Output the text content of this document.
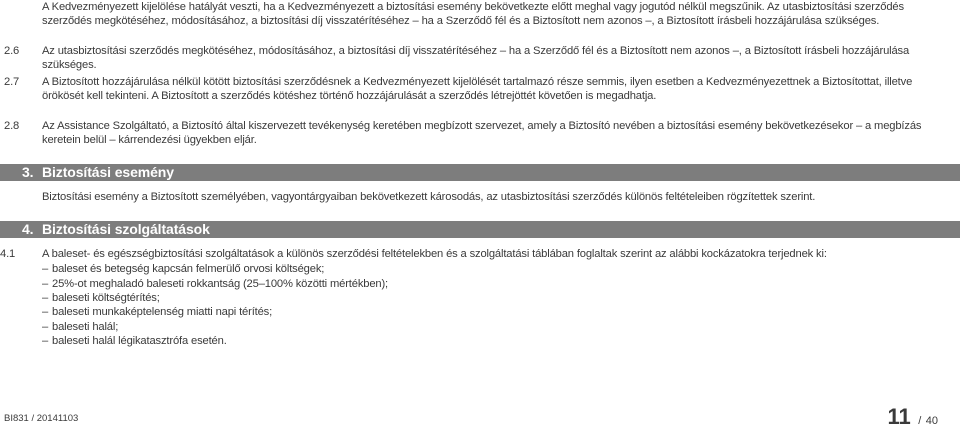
A Kedvezményezett kijelölése hatályát veszti, ha a Kedvezményezett a biztosítási esemény bekövetkezte előtt meghal vagy jogutód nélkül megszűnik. Az utasbiztosítási szerződés szerződés megkötéséhez, módosításához, a biztosítási díj visszatérítéséhez – ha a Szerződő fél és a Biztosított nem azonos –, a Biztosított írásbeli hozzájárulása szükséges.
2.6 Az utasbiztosítási szerződés megkötéséhez, módosításához, a biztosítási díj visszatérítéséhez – ha a Szerződő fél és a Biztosított nem azonos –, a Biztosított írásbeli hozzájárulása szükséges.
2.7 A Biztosított hozzájárulása nélkül kötött biztosítási szerződésnek a Kedvezményezett kijelölését tartalmazó része semmis, ilyen esetben a Kedvezményezettnek a Biztosítottat, illetve örökösét kell tekinteni. A Biztosított a szerződés kötéshez történő hozzájárulását a szerződés létrejöttét követően is megadhatja.
2.8 Az Assistance Szolgáltató, a Biztosító által kiszervezett tevékenység keretében megbízott szervezet, amely a Biztosító nevében a biztosítási esemény bekövetkezésekor – a megbízás keretein belül – kárrendezési ügyekben eljár.
3. Biztosítási esemény
Biztosítási esemény a Biztosított személyében, vagyontárgyaiban bekövetkezett károsodás, az utasbiztosítási szerződés különös feltételeiben rögzítettek szerint.
4. Biztosítási szolgáltatások
4.1 A baleset- és egészségbiztosítási szolgáltatások a különös szerződési feltételekben és a szolgáltatási táblában foglaltak szerint az alábbi kockázatokra terjednek ki:
– baleset és betegség kapcsán felmerülő orvosi költségek;
– 25%-ot meghaladó baleseti rokkantság (25–100% közötti mértékben);
– baleseti költségtérítés;
– baleseti munkaképtelenség miatti napi térítés;
– baleseti halál;
– baleseti halál légikatasztrófa esetén.
BI831 / 20141103	11 / 40
